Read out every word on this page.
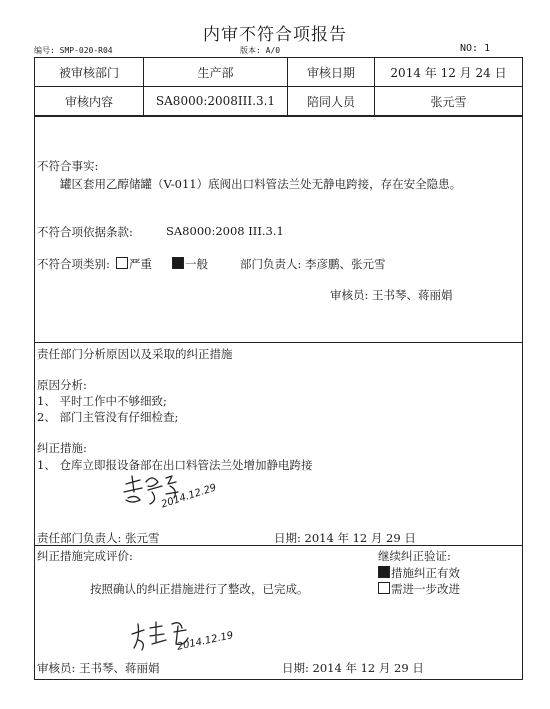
内审不符合项报告
编号: SMP-020-R04	版本: A/0	NO: 1
被审核部门	生产部	审核日期	2014 年 12 月 24 日
审核内容	SA8000:2008III.3.1	陪同人员	张元雪
不符合事实:
罐区套用乙醇储罐（V-011）底阀出口料管法兰处无静电跨接，存在安全隐患。
不符合项依据条款:	SA8000:2008 III.3.1
不符合项类别:	严重	一般	部门负责人: 李彦鹏、张元雪
审核员: 王书琴、蒋丽娟
责任部门分析原因以及采取的纠正措施
原因分析:
1、 平时工作中不够细致;
2、 部门主管没有仔细检查;
纠正措施:
1、 仓库立即报设备部在出口料管法兰处增加静电跨接
2014.12.29
责任部门负责人: 张元雪	日期: 2014 年 12 月 29 日
纠正措施完成评价:	继续纠正验证:
措施纠正有效
需进一步改进
按照确认的纠正措施进行了整改，已完成。
2014.12.19
审核员: 王书琴、蒋丽娟	日期: 2014 年 12 月 29 日
